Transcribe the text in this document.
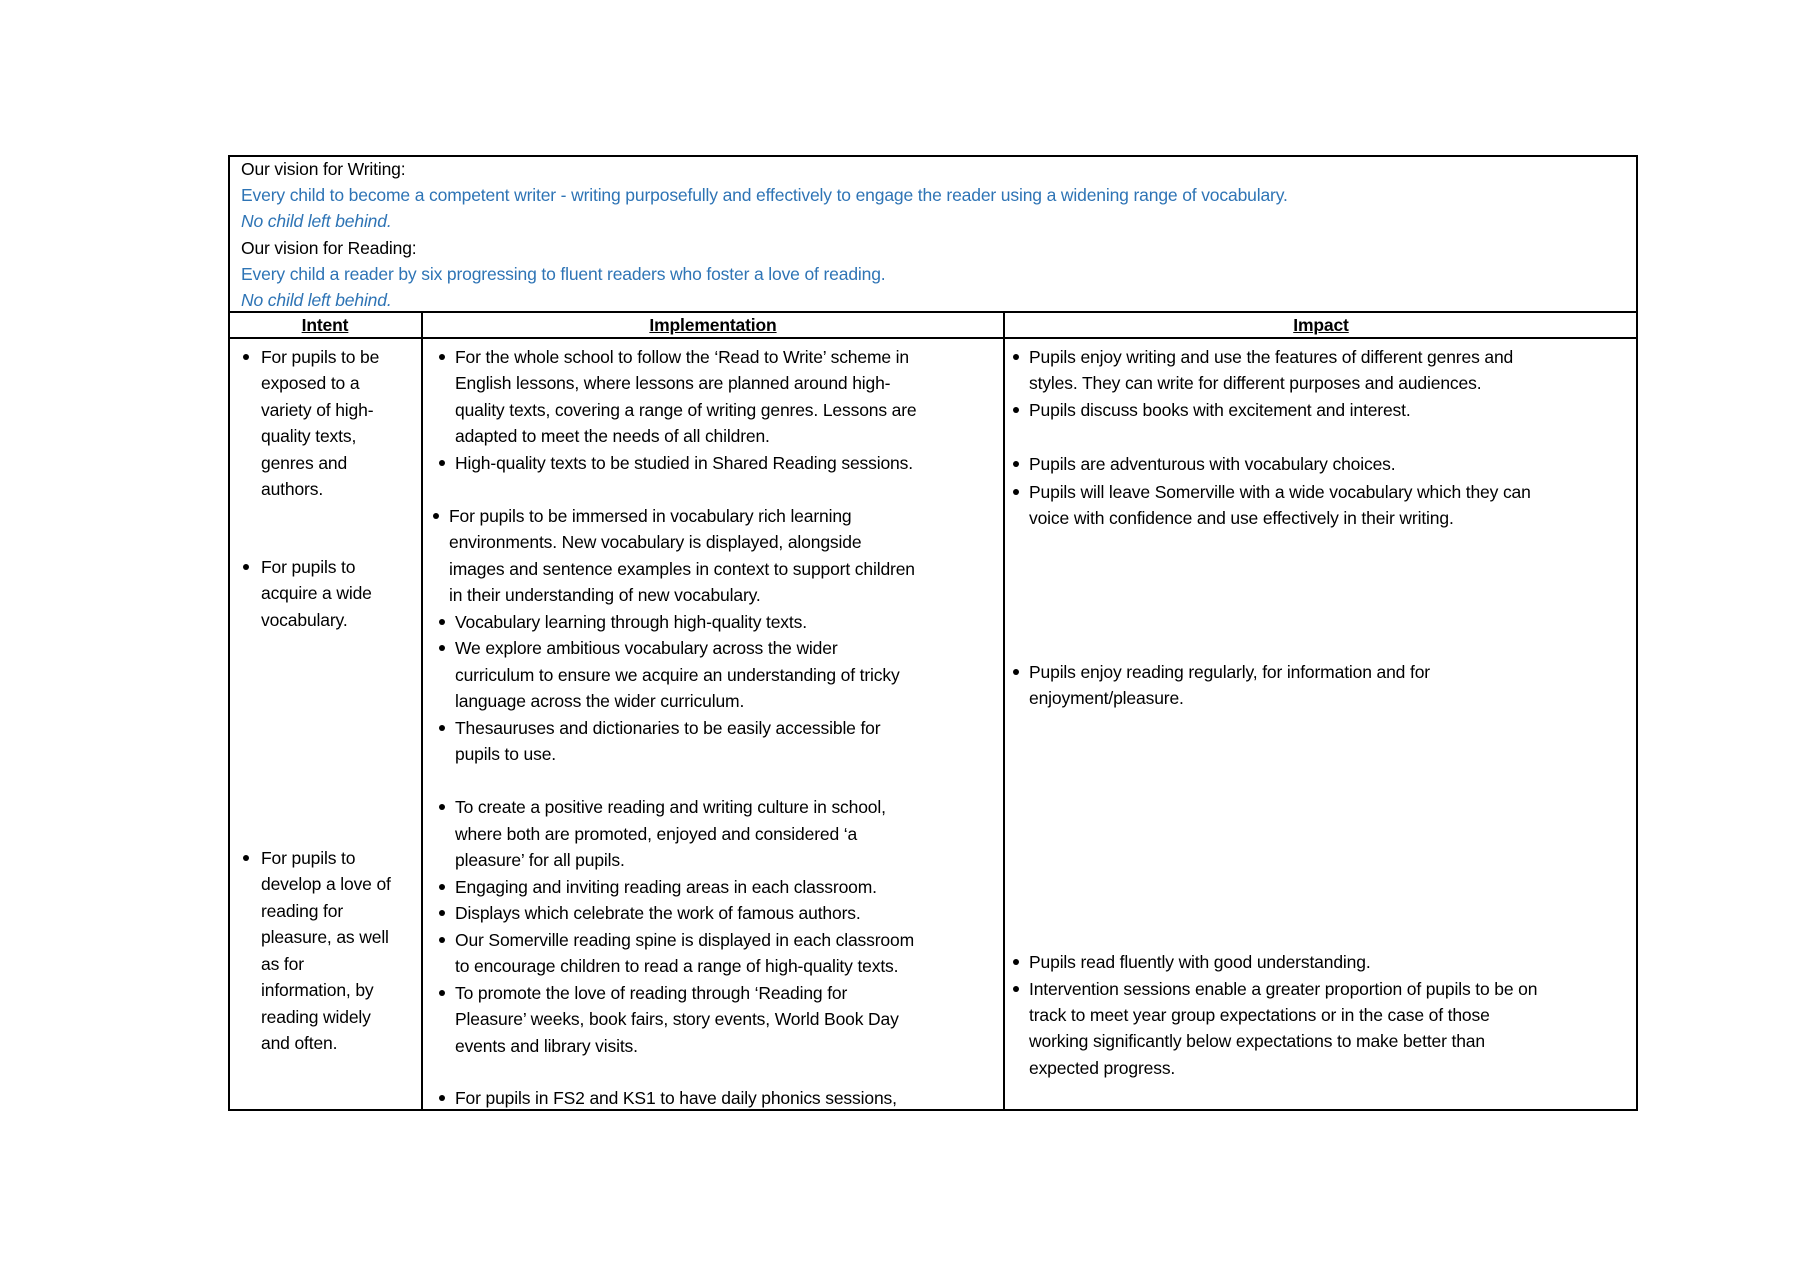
Our vision for Writing:
Every child to become a competent writer - writing purposefully and effectively to engage the reader using a widening range of vocabulary.
No child left behind.
Our vision for Reading:
Every child a reader by six progressing to fluent readers who foster a love of reading.
No child left behind.
Intent	Implementation	Impact
For pupils to be
exposed to a
variety of high-
quality texts,
genres and
authors.
For pupils to
acquire a wide
vocabulary.
For pupils to
develop a love of
reading for
pleasure, as well
as for
information, by
reading widely
and often.
For the whole school to follow the ‘Read to Write’ scheme in
English lessons, where lessons are planned around high-
quality texts, covering a range of writing genres. Lessons are
adapted to meet the needs of all children.
High-quality texts to be studied in Shared Reading sessions.
For pupils to be immersed in vocabulary rich learning
environments. New vocabulary is displayed, alongside
images and sentence examples in context to support children
in their understanding of new vocabulary.
Vocabulary learning through high-quality texts.
We explore ambitious vocabulary across the wider
curriculum to ensure we acquire an understanding of tricky
language across the wider curriculum.
Thesauruses and dictionaries to be easily accessible for
pupils to use.
To create a positive reading and writing culture in school,
where both are promoted, enjoyed and considered ‘a
pleasure’ for all pupils.
Engaging and inviting reading areas in each classroom.
Displays which celebrate the work of famous authors.
Our Somerville reading spine is displayed in each classroom
to encourage children to read a range of high-quality texts.
To promote the love of reading through ‘Reading for
Pleasure’ weeks, book fairs, story events, World Book Day
events and library visits.
For pupils in FS2 and KS1 to have daily phonics sessions,
Pupils enjoy writing and use the features of different genres and
styles. They can write for different purposes and audiences.
Pupils discuss books with excitement and interest.
Pupils are adventurous with vocabulary choices.
Pupils will leave Somerville with a wide vocabulary which they can
voice with confidence and use effectively in their writing.
Pupils enjoy reading regularly, for information and for
enjoyment/pleasure.
Pupils read fluently with good understanding.
Intervention sessions enable a greater proportion of pupils to be on
track to meet year group expectations or in the case of those
working significantly below expectations to make better than
expected progress.
